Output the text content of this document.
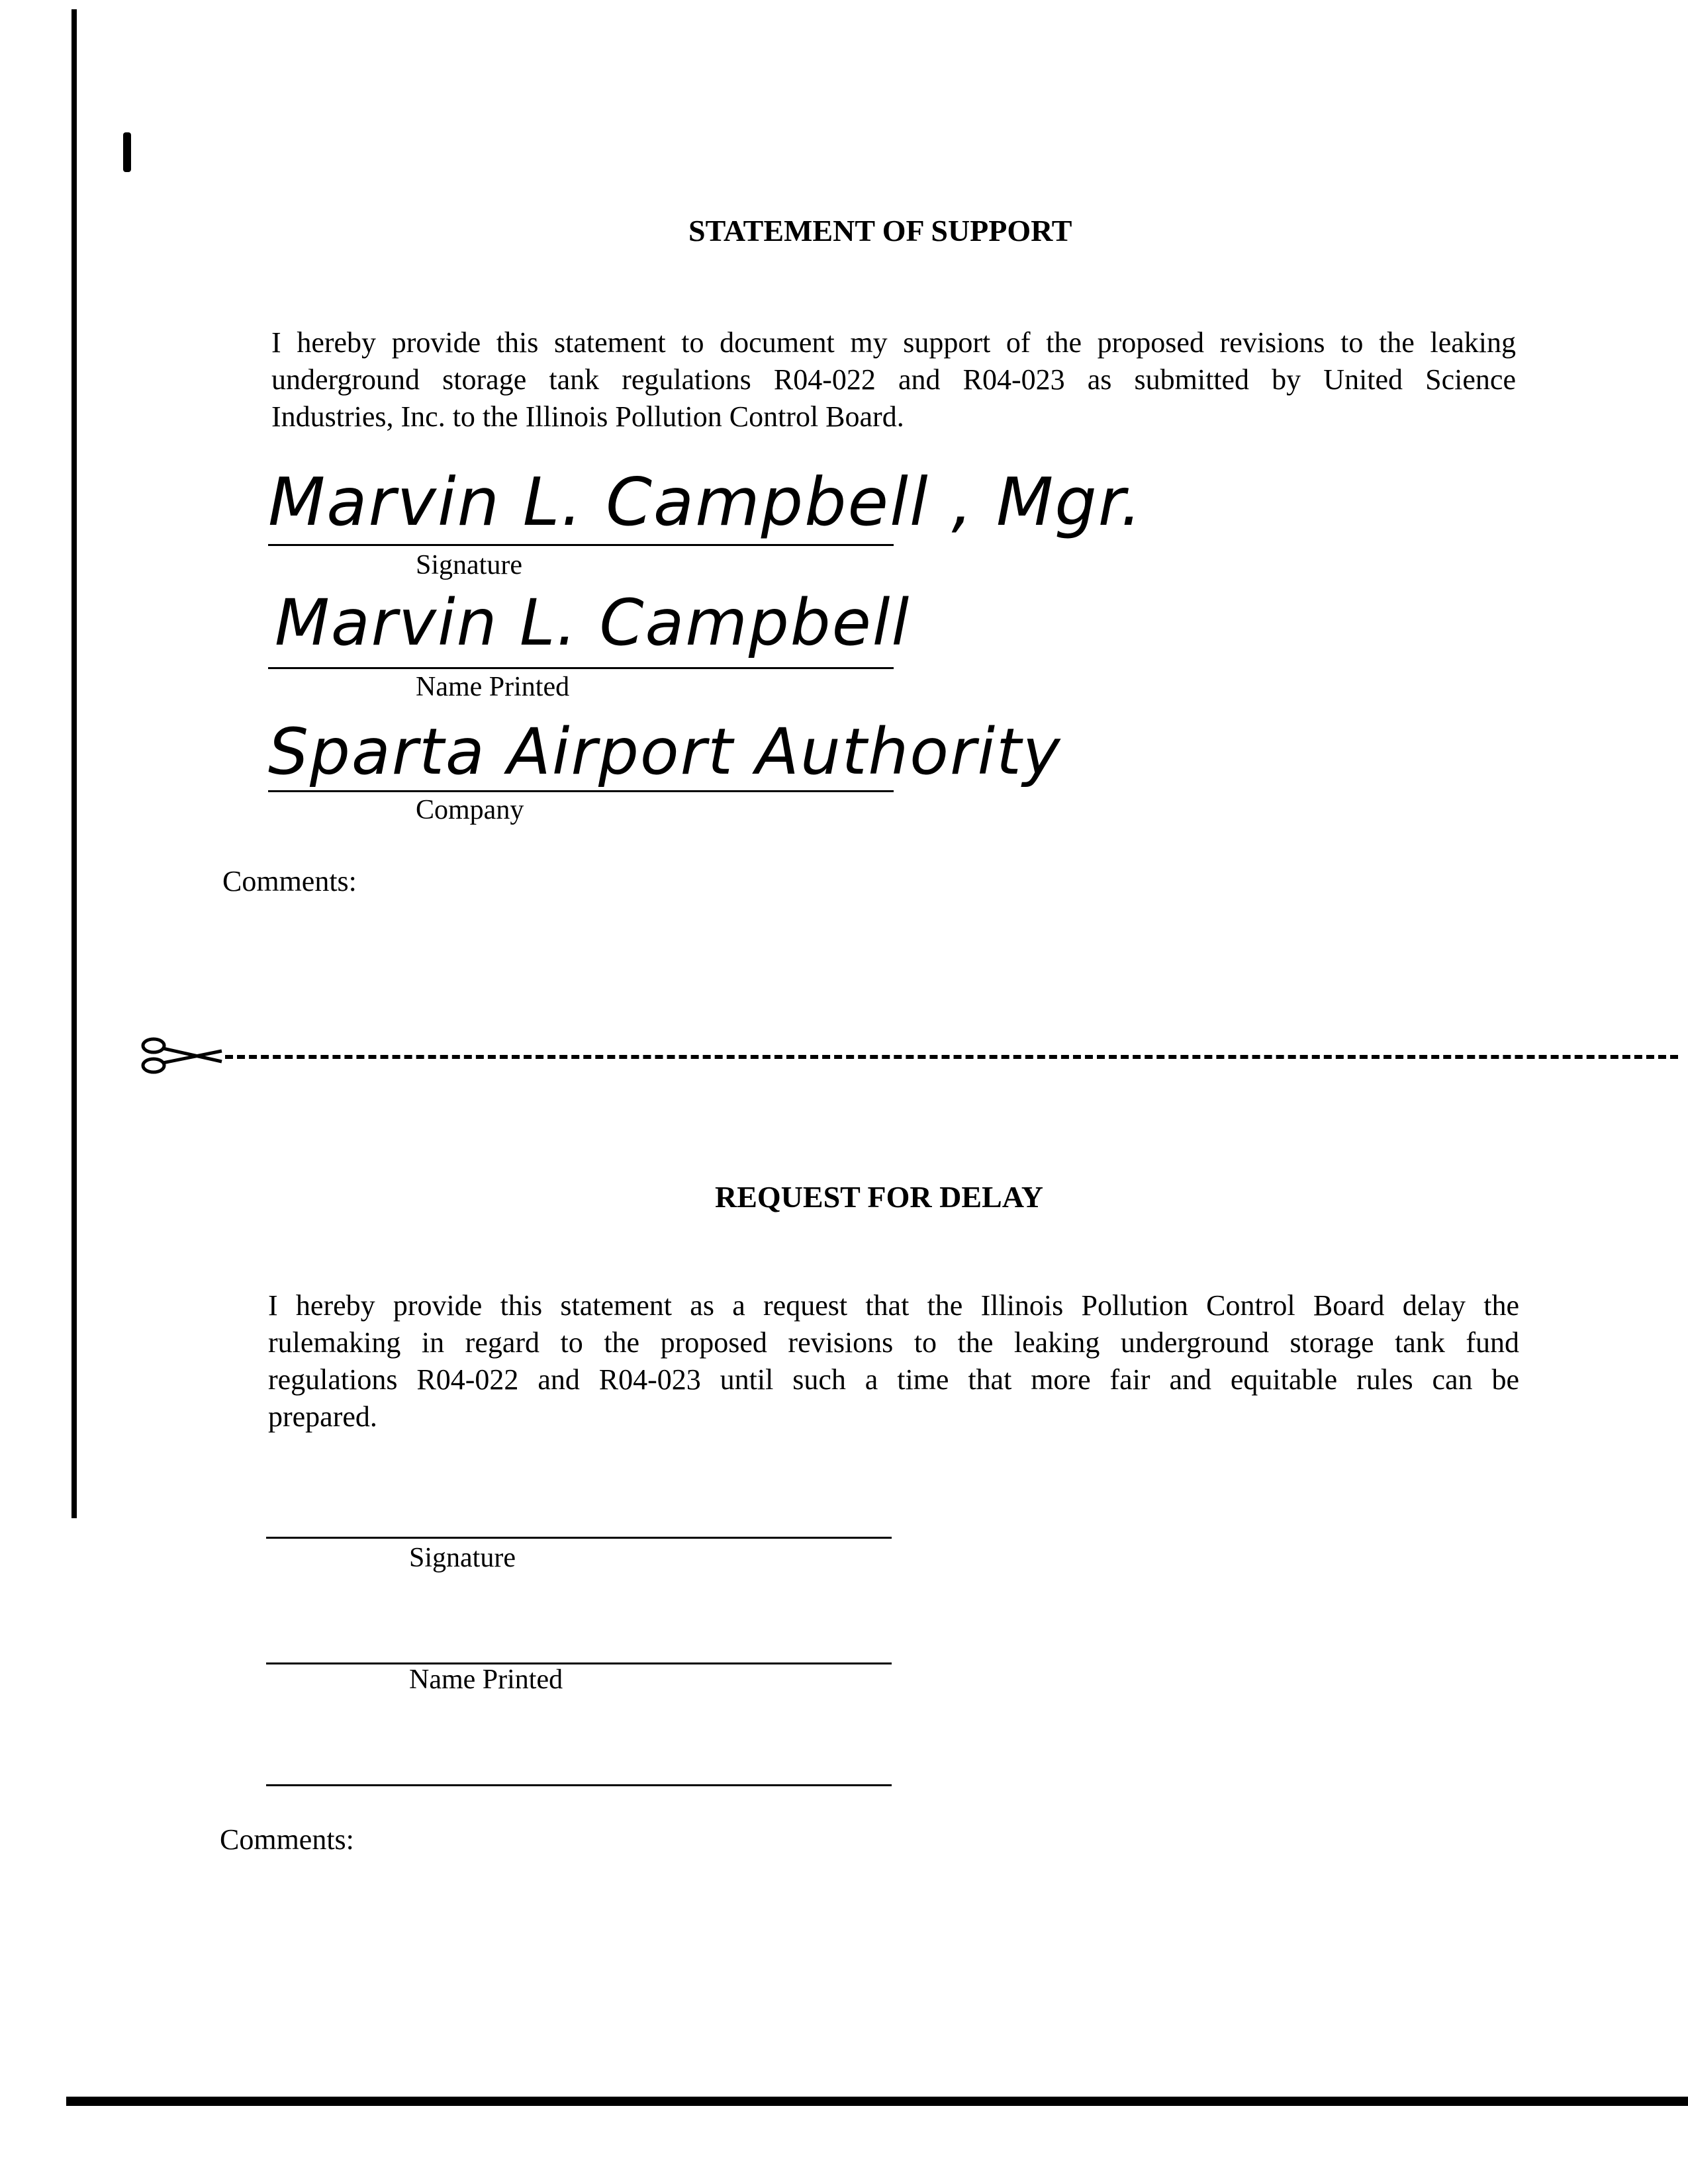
STATEMENT OF SUPPORT
I hereby provide this statement to document my support of the proposed revisions to the leaking
underground storage tank regulations R04-022 and R04-023 as submitted by United Science
Industries, Inc. to the Illinois Pollution Control Board.
Marvin L. Campbell , Mgr.
Signature
Marvin L. Campbell
Name Printed
Sparta Airport Authority
Company
Comments:
REQUEST FOR DELAY
I hereby provide this statement as a request that the Illinois Pollution Control Board delay the
rulemaking in regard to the proposed revisions to the leaking underground storage tank fund
regulations R04-022 and R04-023 until such a time that more fair and equitable rules can be
prepared.
Signature
Name Printed
Comments:
